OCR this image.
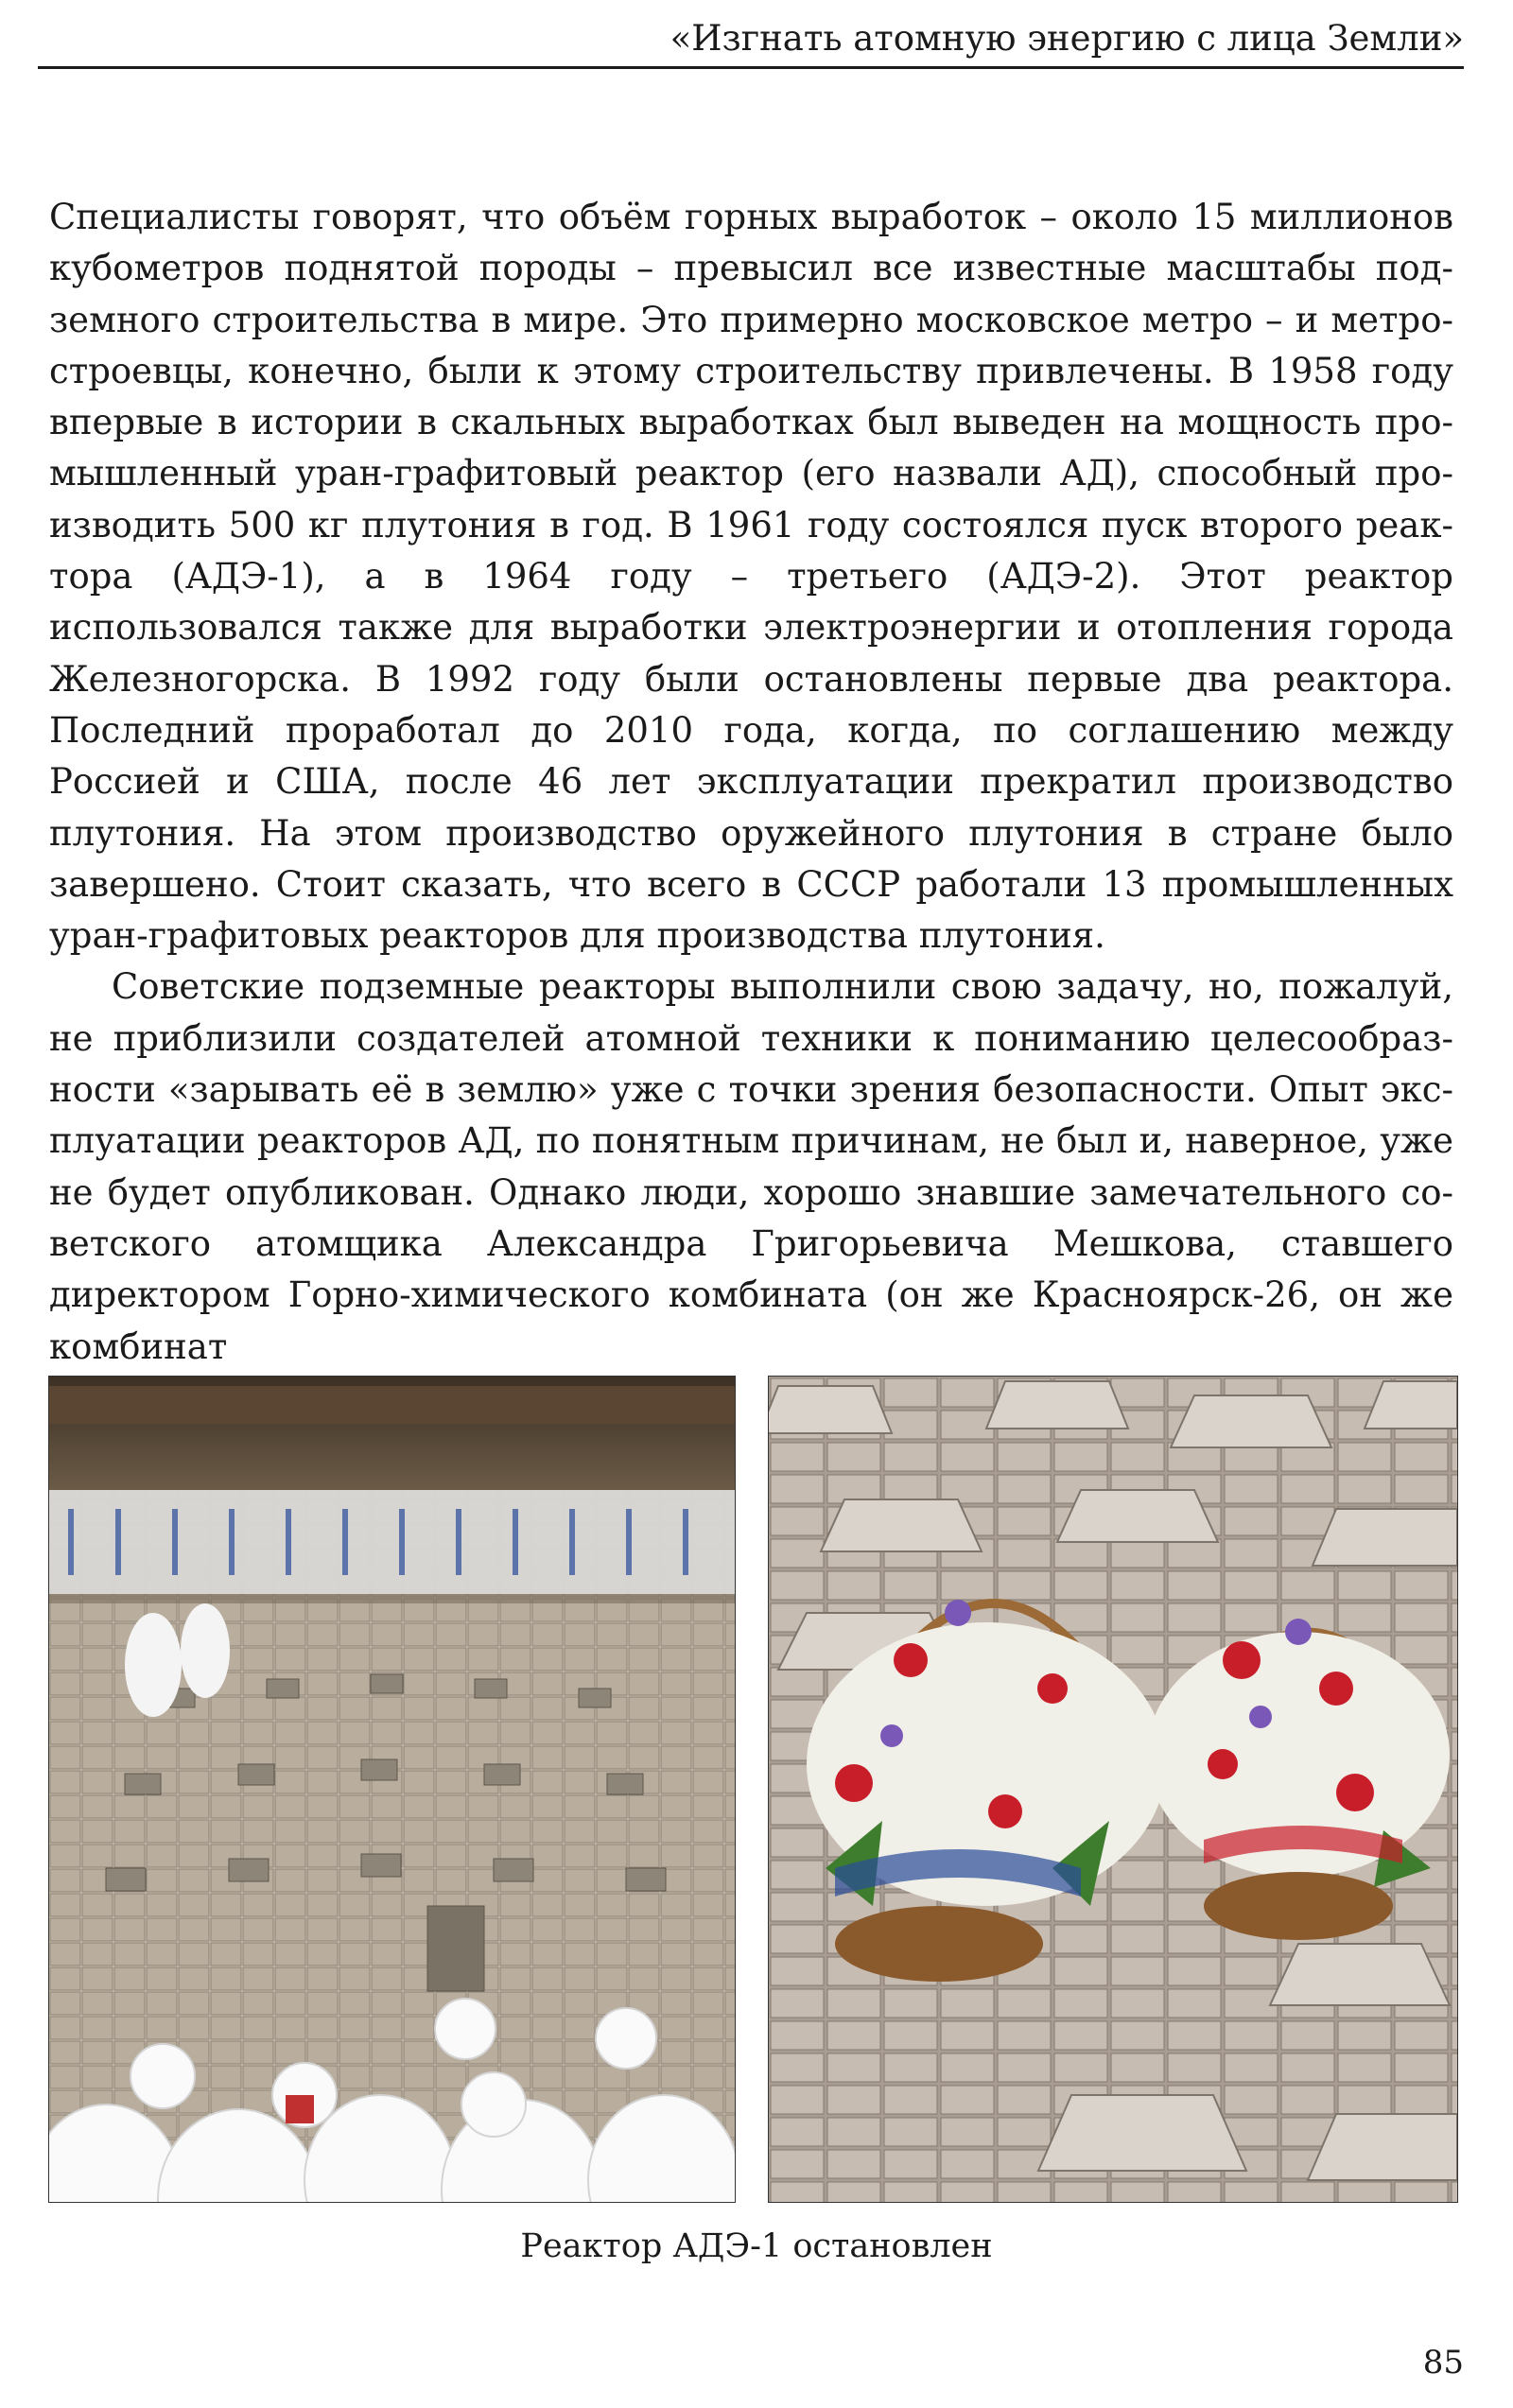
«Изгнать атомную энергию с лица Земли»

Специалисты говорят, что объём горных выработок – около 15 миллионов кубометров поднятой породы – превысил все известные масштабы подземного строительства в мире. Это примерно московское метро – и метростроевцы, конечно, были к этому строительству привлечены. В 1958 году впервые в истории в скальных выработках был выведен на мощность промышленный уран-графитовый реактор (его назвали АД), способный производить 500 кг плутония в год. В 1961 году состоялся пуск второго реактора (АДЭ-1), а в 1964 году – третьего (АДЭ-2). Этот реактор использовался также для выработки электроэнергии и отопления города Железногорска. В 1992 году были остановлены первые два реактора. Последний проработал до 2010 года, когда, по соглашению между Россией и США, после 46 лет эксплуатации прекратил производство плутония. На этом производство оружейного плутония в стране было завершено. Стоит сказать, что всего в СССР работали 13 промышленных уран-графитовых реакторов для производства плутония.

Советские подземные реакторы выполнили свою задачу, но, пожалуй, не приблизили создателей атомной техники к пониманию целесообразности «зарывать её в землю» уже с точки зрения безопасности. Опыт эксплуатации реакторов АД, по понятным причинам, не был и, наверное, уже не будет опубликован. Однако люди, хорошо знавшие замечательного советского атомщика Александра Григорьевича Мешкова, ставшего директором Горно-химического комбината (он же Красноярск-26, он же комбинат

Реактор АДЭ-1 остановлен
85
